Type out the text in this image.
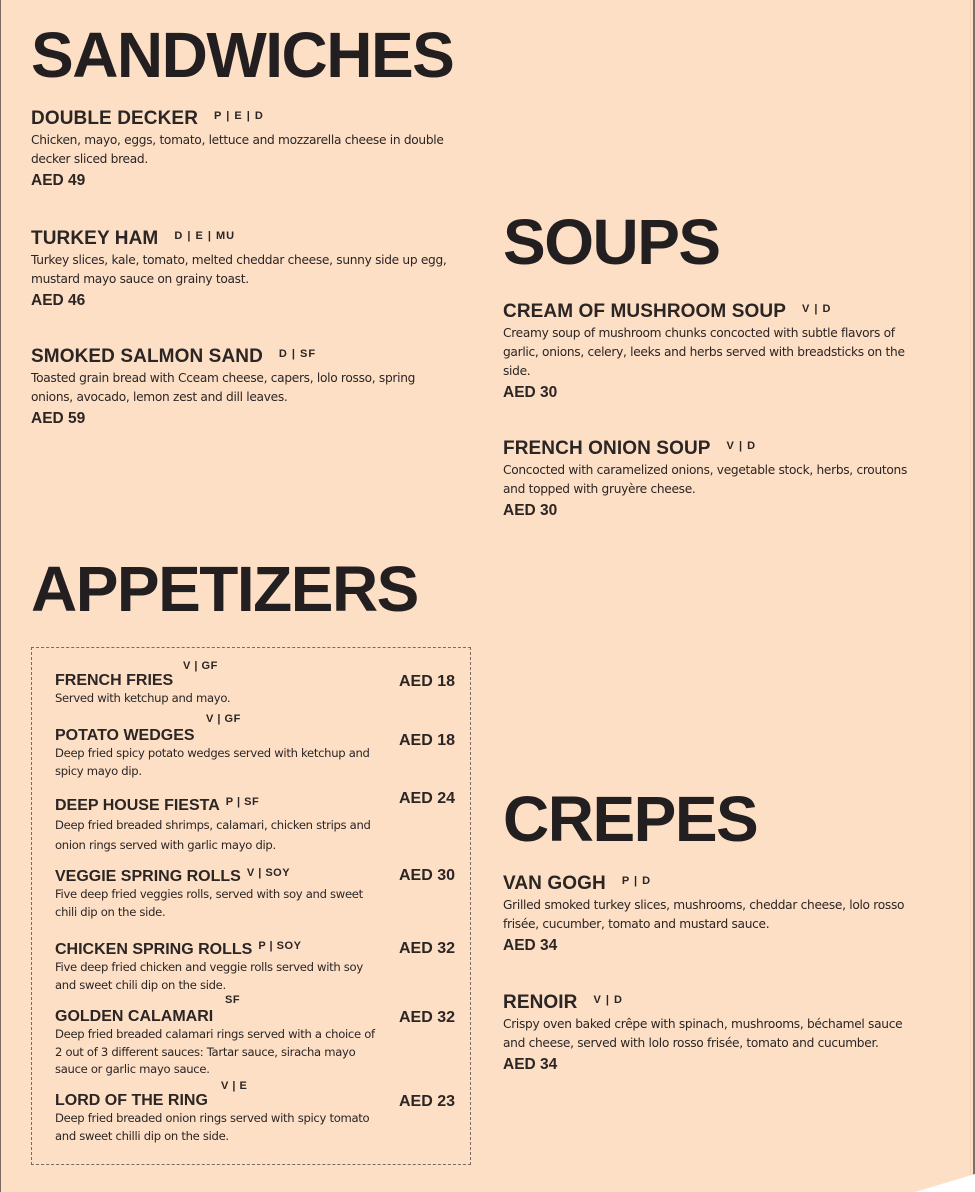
SANDWICHES
DOUBLE DECKER P | E | D
Chicken, mayo, eggs, tomato, lettuce and mozzarella cheese in double decker sliced bread.
AED 49
TURKEY HAM D | E | MU
Turkey slices, kale, tomato, melted cheddar cheese, sunny side up egg, mustard mayo sauce on grainy toast.
AED 46
SMOKED SALMON SAND D | SF
Toasted grain bread with Cceam cheese, capers, lolo rosso, spring onions, avocado, lemon zest and dill leaves.
AED 59
SOUPS
CREAM OF MUSHROOM SOUP V | D
Creamy soup of mushroom chunks concocted with subtle flavors of garlic, onions, celery, leeks and herbs served with breadsticks on the side.
AED 30
FRENCH ONION SOUP V | D
Concocted with caramelized onions, vegetable stock, herbs, croutons and topped with gruyère cheese.
AED 30
APPETIZERS
V | GF
FRENCH FRIES
Served with ketchup and mayo.
AED 18
V | GF
POTATO WEDGES
Deep fried spicy potato wedges served with ketchup and spicy mayo dip.
AED 18
DEEP HOUSE FIESTA P | SF
Deep fried breaded shrimps, calamari, chicken strips and onion rings served with garlic mayo dip.
AED 24
VEGGIE SPRING ROLLS V | SOY
Five deep fried veggies rolls, served with soy and sweet chili dip on the side.
AED 30
CHICKEN SPRING ROLLS P | SOY
Five deep fried chicken and veggie rolls served with soy and sweet chili dip on the side.
AED 32
SF
GOLDEN CALAMARI
Deep fried breaded calamari rings served with a choice of 2 out of 3 different sauces: Tartar sauce, siracha mayo sauce or garlic mayo sauce.
AED 32
V | E
LORD OF THE RING
Deep fried breaded onion rings served with spicy tomato and sweet chilli dip on the side.
AED 23
CREPES
VAN GOGH P | D
Grilled smoked turkey slices, mushrooms, cheddar cheese, lolo rosso frisée, cucumber, tomato and mustard sauce.
AED 34
RENOIR V | D
Crispy oven baked crêpe with spinach, mushrooms, béchamel sauce and cheese, served with lolo rosso frisée, tomato and cucumber.
AED 34
